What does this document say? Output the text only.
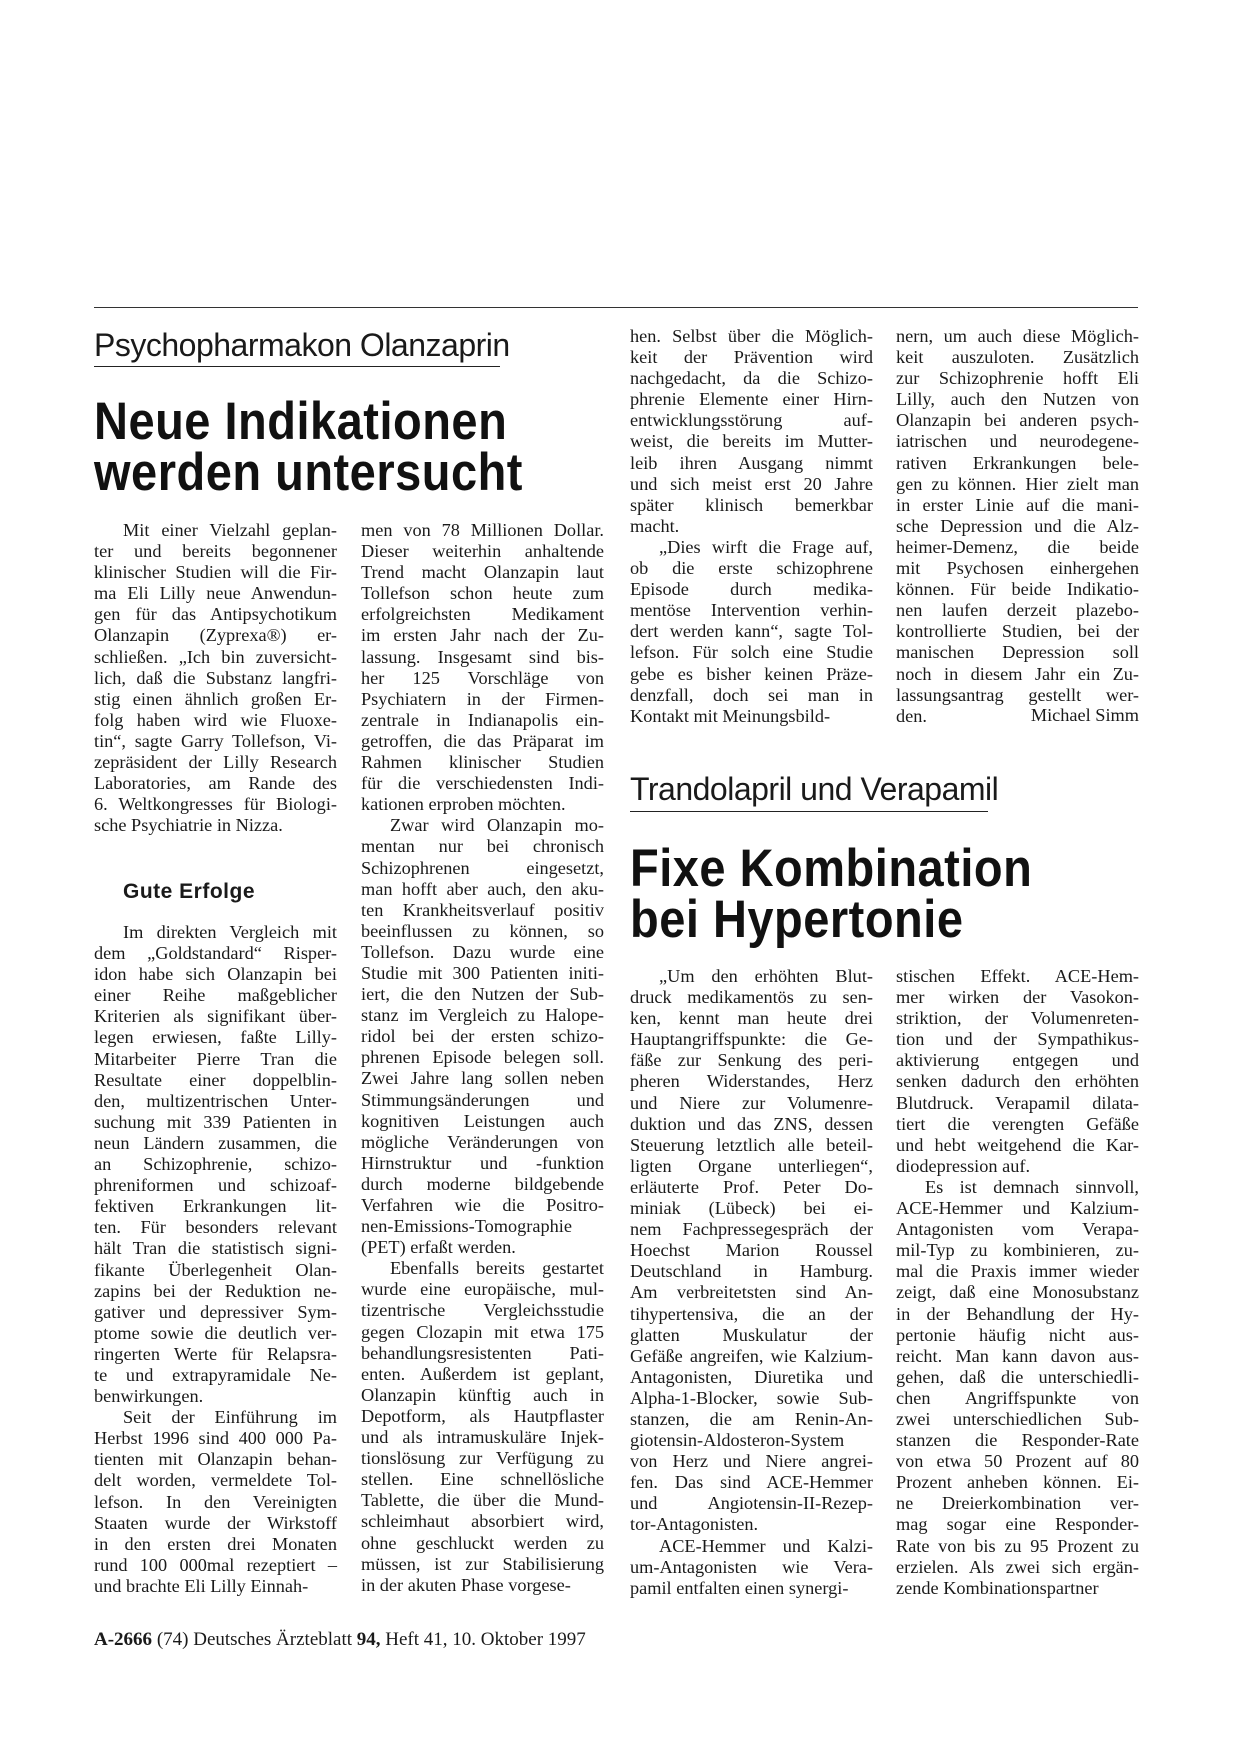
Psychopharmakon Olanzaprin
Neue Indikationen
werden untersucht
Mit einer Vielzahl geplan-
ter und bereits begonnener
klinischer Studien will die Fir-
ma Eli Lilly neue Anwendun-
gen für das Antipsychotikum
Olanzapin (Zyprexa®) er-
schließen. „Ich bin zuversicht-
lich, daß die Substanz langfri-
stig einen ähnlich großen Er-
folg haben wird wie Fluoxe-
tin“, sagte Garry Tollefson, Vi-
zepräsident der Lilly Research
Laboratories, am Rande des
6. Weltkongresses für Biologi-
sche Psychiatrie in Nizza.
Gute Erfolge
Im direkten Vergleich mit
dem „Goldstandard“ Risper-
idon habe sich Olanzapin bei
einer Reihe maßgeblicher
Kriterien als signifikant über-
legen erwiesen, faßte Lilly-
Mitarbeiter Pierre Tran die
Resultate einer doppelblin-
den, multizentrischen Unter-
suchung mit 339 Patienten in
neun Ländern zusammen, die
an Schizophrenie, schizo-
phreniformen und schizoaf-
fektiven Erkrankungen lit-
ten. Für besonders relevant
hält Tran die statistisch signi-
fikante Überlegenheit Olan-
zapins bei der Reduktion ne-
gativer und depressiver Sym-
ptome sowie die deutlich ver-
ringerten Werte für Relapsra-
te und extrapyramidale Ne-
benwirkungen.
Seit der Einführung im
Herbst 1996 sind 400 000 Pa-
tienten mit Olanzapin behan-
delt worden, vermeldete Tol-
lefson. In den Vereinigten
Staaten wurde der Wirkstoff
in den ersten drei Monaten
rund 100 000mal rezeptiert –
und brachte Eli Lilly Einnah-
men von 78 Millionen Dollar.
Dieser weiterhin anhaltende
Trend macht Olanzapin laut
Tollefson schon heute zum
erfolgreichsten Medikament
im ersten Jahr nach der Zu-
lassung. Insgesamt sind bis-
her 125 Vorschläge von
Psychiatern in der Firmen-
zentrale in Indianapolis ein-
getroffen, die das Präparat im
Rahmen klinischer Studien
für die verschiedensten Indi-
kationen erproben möchten.
Zwar wird Olanzapin mo-
mentan nur bei chronisch
Schizophrenen eingesetzt,
man hofft aber auch, den aku-
ten Krankheitsverlauf positiv
beeinflussen zu können, so
Tollefson. Dazu wurde eine
Studie mit 300 Patienten initi-
iert, die den Nutzen der Sub-
stanz im Vergleich zu Halope-
ridol bei der ersten schizo-
phrenen Episode belegen soll.
Zwei Jahre lang sollen neben
Stimmungsänderungen und
kognitiven Leistungen auch
mögliche Veränderungen von
Hirnstruktur und -funktion
durch moderne bildgebende
Verfahren wie die Positro-
nen-Emissions-Tomographie
(PET) erfaßt werden.
Ebenfalls bereits gestartet
wurde eine europäische, mul-
tizentrische Vergleichsstudie
gegen Clozapin mit etwa 175
behandlungsresistenten Pati-
enten. Außerdem ist geplant,
Olanzapin künftig auch in
Depotform, als Hautpflaster
und als intramuskuläre Injek-
tionslösung zur Verfügung zu
stellen. Eine schnellösliche
Tablette, die über die Mund-
schleimhaut absorbiert wird,
ohne geschluckt werden zu
müssen, ist zur Stabilisierung
in der akuten Phase vorgese-
hen. Selbst über die Möglich-
keit der Prävention wird
nachgedacht, da die Schizo-
phrenie Elemente einer Hirn-
entwicklungsstörung auf-
weist, die bereits im Mutter-
leib ihren Ausgang nimmt
und sich meist erst 20 Jahre
später klinisch bemerkbar
macht.
„Dies wirft die Frage auf,
ob die erste schizophrene
Episode durch medika-
mentöse Intervention verhin-
dert werden kann“, sagte Tol-
lefson. Für solch eine Studie
gebe es bisher keinen Präze-
denzfall, doch sei man in
Kontakt mit Meinungsbild-
nern, um auch diese Möglich-
keit auszuloten. Zusätzlich
zur Schizophrenie hofft Eli
Lilly, auch den Nutzen von
Olanzapin bei anderen psych-
iatrischen und neurodegene-
rativen Erkrankungen bele-
gen zu können. Hier zielt man
in erster Linie auf die mani-
sche Depression und die Alz-
heimer-Demenz, die beide
mit Psychosen einhergehen
können. Für beide Indikatio-
nen laufen derzeit plazebo-
kontrollierte Studien, bei der
manischen Depression soll
noch in diesem Jahr ein Zu-
lassungsantrag gestellt wer-
den.	Michael Simm
Trandolapril und Verapamil
Fixe Kombination
bei Hypertonie
„Um den erhöhten Blut-
druck medikamentös zu sen-
ken, kennt man heute drei
Hauptangriffspunkte: die Ge-
fäße zur Senkung des peri-
pheren Widerstandes, Herz
und Niere zur Volumenre-
duktion und das ZNS, dessen
Steuerung letztlich alle beteil-
ligten Organe unterliegen“,
erläuterte Prof. Peter Do-
miniak (Lübeck) bei ei-
nem Fachpressegespräch der
Hoechst Marion Roussel
Deutschland in Hamburg.
Am verbreitetsten sind An-
tihypertensiva, die an der
glatten Muskulatur der
Gefäße angreifen, wie Kalzium-
Antagonisten, Diuretika und
Alpha-1-Blocker, sowie Sub-
stanzen, die am Renin-An-
giotensin-Aldosteron-System
von Herz und Niere angrei-
fen. Das sind ACE-Hemmer
und Angiotensin-II-Rezep-
tor-Antagonisten.
ACE-Hemmer und Kalzi-
um-Antagonisten wie Vera-
pamil entfalten einen synergi-
stischen Effekt. ACE-Hem-
mer wirken der Vasokon-
striktion, der Volumenreten-
tion und der Sympathikus-
aktivierung entgegen und
senken dadurch den erhöhten
Blutdruck. Verapamil dilata-
tiert die verengten Gefäße
und hebt weitgehend die Kar-
diodepression auf.
Es ist demnach sinnvoll,
ACE-Hemmer und Kalzium-
Antagonisten vom Verapa-
mil-Typ zu kombinieren, zu-
mal die Praxis immer wieder
zeigt, daß eine Monosubstanz
in der Behandlung der Hy-
pertonie häufig nicht aus-
reicht. Man kann davon aus-
gehen, daß die unterschiedli-
chen Angriffspunkte von
zwei unterschiedlichen Sub-
stanzen die Responder-Rate
von etwa 50 Prozent auf 80
Prozent anheben können. Ei-
ne Dreierkombination ver-
mag sogar eine Responder-
Rate von bis zu 95 Prozent zu
erzielen. Als zwei sich ergän-
zende Kombinationspartner
A-2666 (74) Deutsches Ärzteblatt 94, Heft 41, 10. Oktober 1997
